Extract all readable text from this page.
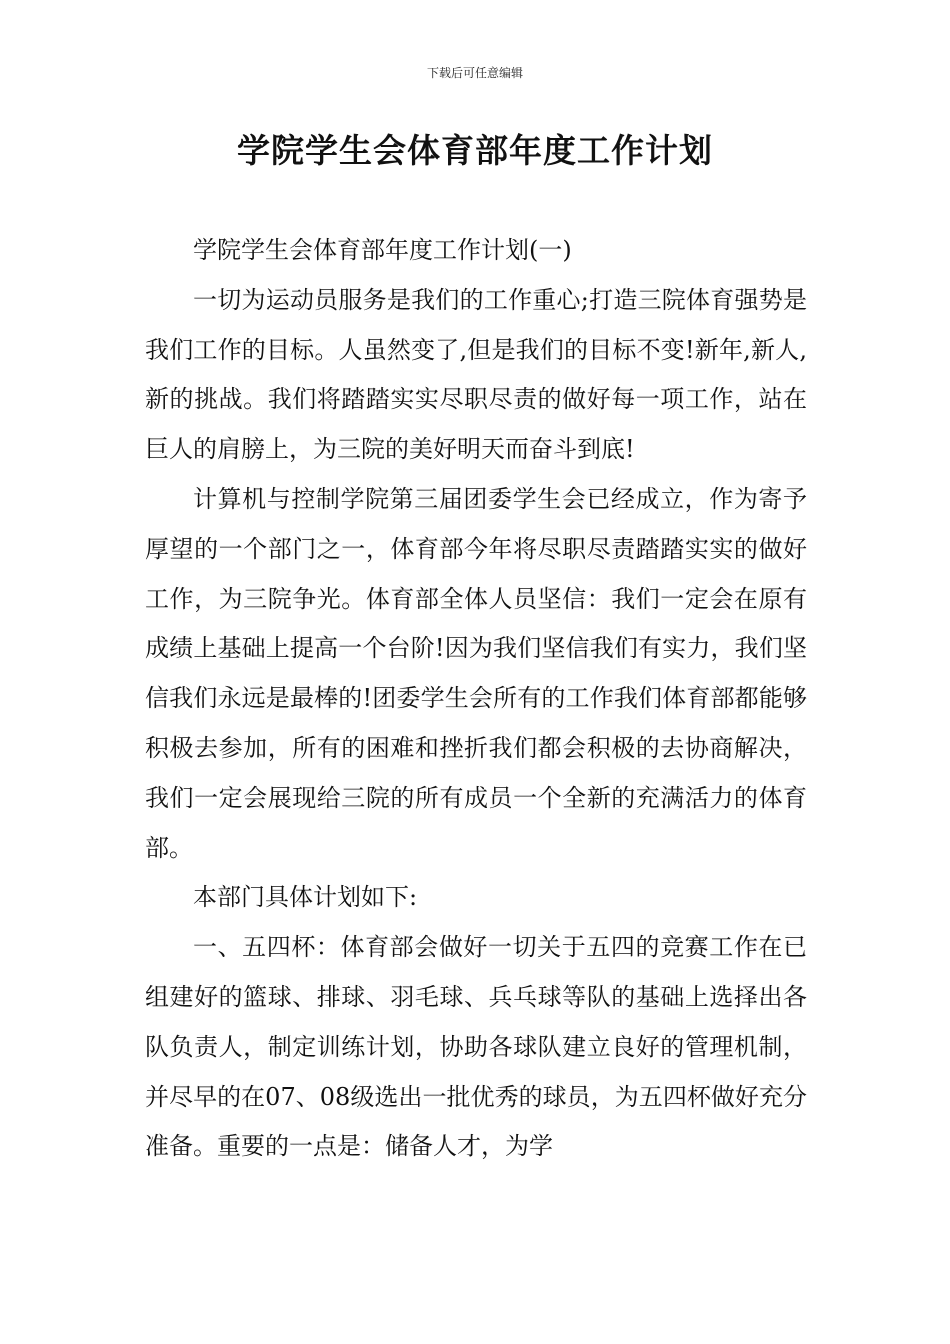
下载后可任意编辑
学院学生会体育部年度工作计划

学院学生会体育部年度工作计划(一)

一切为运动员服务是我们的工作重心;打造三院体育强势是我们工作的目标。人虽然变了,但是我们的目标不变!新年,新人,新的挑战。我们将踏踏实实尽职尽责的做好每一项工作，站在巨人的肩膀上，为三院的美好明天而奋斗到底!

计算机与控制学院第三届团委学生会已经成立，作为寄予厚望的一个部门之一，体育部今年将尽职尽责踏踏实实的做好工作，为三院争光。体育部全体人员坚信：我们一定会在原有成绩上基础上提高一个台阶!因为我们坚信我们有实力，我们坚信我们永远是最棒的!团委学生会所有的工作我们体育部都能够积极去参加，所有的困难和挫折我们都会积极的去协商解决，我们一定会展现给三院的所有成员一个全新的充满活力的体育部。

本部门具体计划如下:

一、五四杯：体育部会做好一切关于五四的竞赛工作在已组建好的篮球、排球、羽毛球、兵乓球等队的基础上选择出各队负责人，制定训练计划，协助各球队建立良好的管理机制，并尽早的在07、08级选出一批优秀的球员，为五四杯做好充分准备。重要的一点是：储备人才，为学
